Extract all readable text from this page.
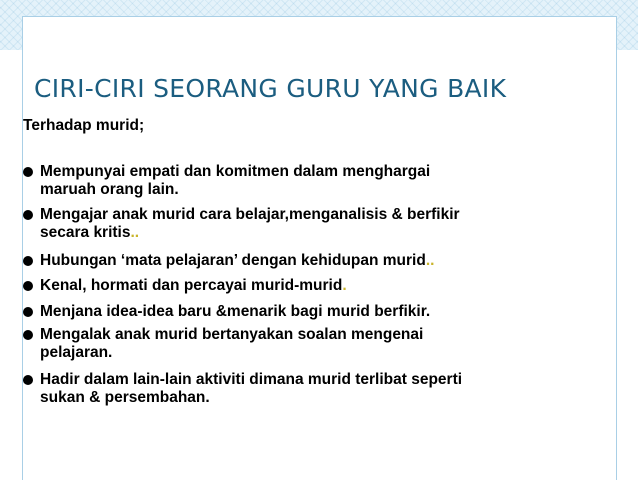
CIRI-CIRI SEORANG GURU YANG BAIK
Terhadap murid;
Mempunyai empati dan komitmen dalam menghargai
maruah orang lain.
Mengajar anak murid cara belajar,menganalisis & berfikir
secara kritis..
Hubungan ‘mata pelajaran’ dengan kehidupan murid..
Kenal, hormati dan percayai murid-murid.
Menjana idea-idea baru &menarik bagi murid berfikir.
Mengalak anak murid bertanyakan soalan mengenai
pelajaran.
Hadir dalam lain-lain aktiviti dimana murid terlibat seperti
sukan & persembahan.
